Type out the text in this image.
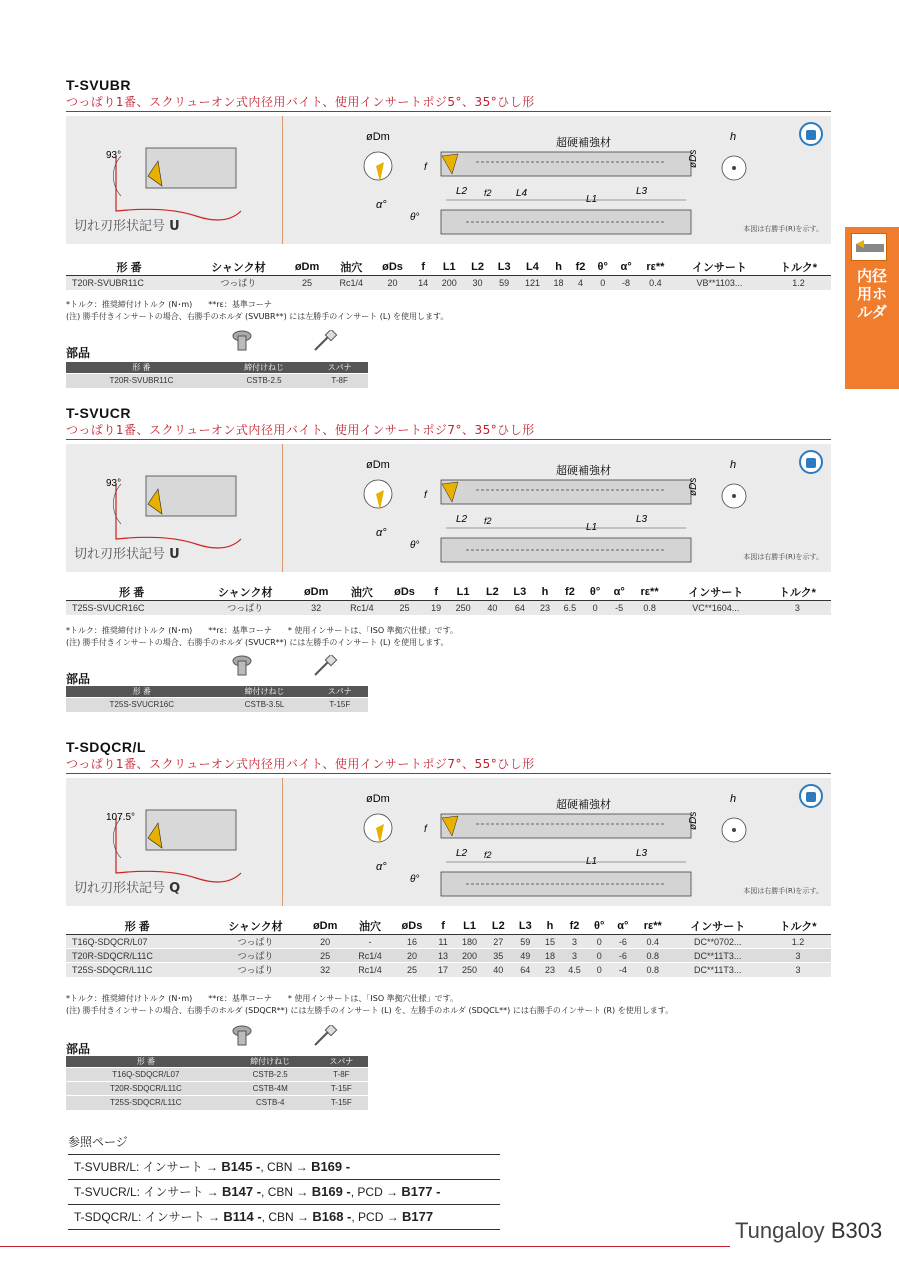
内径用ホルダ
T-SVUBR
つっぱり1番、スクリューオン式内径用バイト、使用インサートポジ5°、35°ひし形
93°
øDm
α°
超硬補強材
f
L2 f2 L4
L1
L3
θ°
øDs
h
切れ刃形状記号 U	本図は右勝手(R)を示す。
形 番	シャンク材	øDm	油穴	øDs	f	L1	L2	L3	L4	h	f2	θ°	α°	rε**	インサート	トルク*
T20R-SVUBR11C	つっぱり	25	Rc1/4	20	14	200	30	59	121	18	4	0	-8	0.4	VB**1103...	1.2
*トルク：推奨締付けトルク (N･m)　　**rε：基準コーナ
(注) 勝手付きインサートの場合、右勝手のホルダ (SVUBR**) には左勝手のインサート (L) を使用します。
部品
形 番	締付けねじ	スパナ
T20R-SVUBR11C	CSTB-2.5	T-8F
T-SVUCR
つっぱり1番、スクリューオン式内径用バイト、使用インサートポジ7°、35°ひし形
93°
øDm
α°
超硬補強材
f
L2 f2
L1
L3
θ°
øDs
h
切れ刃形状記号 U	本図は右勝手(R)を示す。
形 番	シャンク材	øDm	油穴	øDs	f	L1	L2	L3	h	f2	θ°	α°	rε**	インサート	トルク*
T25S-SVUCR16C	つっぱり	32	Rc1/4	25	19	250	40	64	23	6.5	0	-5	0.8	VC**1604...	3
*トルク：推奨締付けトルク (N･m)　　**rε：基準コーナ　　* 使用インサートは、「ISO 準拠穴仕様」です。
(注) 勝手付きインサートの場合、右勝手のホルダ (SVUCR**) には左勝手のインサート (L) を使用します。
部品
形 番	締付けねじ	スパナ
T25S-SVUCR16C	CSTB-3.5L	T-15F
T-SDQCR/L
つっぱり1番、スクリューオン式内径用バイト、使用インサートポジ7°、55°ひし形
107.5°
øDm
α°
超硬補強材
f
L2 f2
L1
L3
θ°
øDs
h
切れ刃形状記号 Q	本図は右勝手(R)を示す。
形 番	シャンク材	øDm	油穴	øDs	f	L1	L2	L3	h	f2	θ°	α°	rε**	インサート	トルク*
T16Q-SDQCR/L07	つっぱり	20	-	16	11	180	27	59	15	3	0	-6	0.4	DC**0702...	1.2
T20R-SDQCR/L11C	つっぱり	25	Rc1/4	20	13	200	35	49	18	3	0	-6	0.8	DC**11T3...	3
T25S-SDQCR/L11C	つっぱり	32	Rc1/4	25	17	250	40	64	23	4.5	0	-4	0.8	DC**11T3...	3
*トルク：推奨締付けトルク (N･m)　　**rε：基準コーナ　　* 使用インサートは、「ISO 準拠穴仕様」です。
(注) 勝手付きインサートの場合、右勝手のホルダ (SDQCR**) には左勝手のインサート (L) を、左勝手のホルダ (SDQCL**) には右勝手のインサート (R) を使用します。
部品
形 番	締付けねじ	スパナ
T16Q-SDQCR/L07	CSTB-2.5	T-8F
T20R-SDQCR/L11C	CSTB-4M	T-15F
T25S-SDQCR/L11C	CSTB-4	T-15F
参照ページ
T-SVUBR/L: インサート → B145 -, CBN → B169 -
T-SVUCR/L: インサート → B147 -, CBN → B169 -, PCD → B177 -
T-SDQCR/L: インサート → B114 -, CBN → B168 -, PCD → B177
Tungaloy B303
